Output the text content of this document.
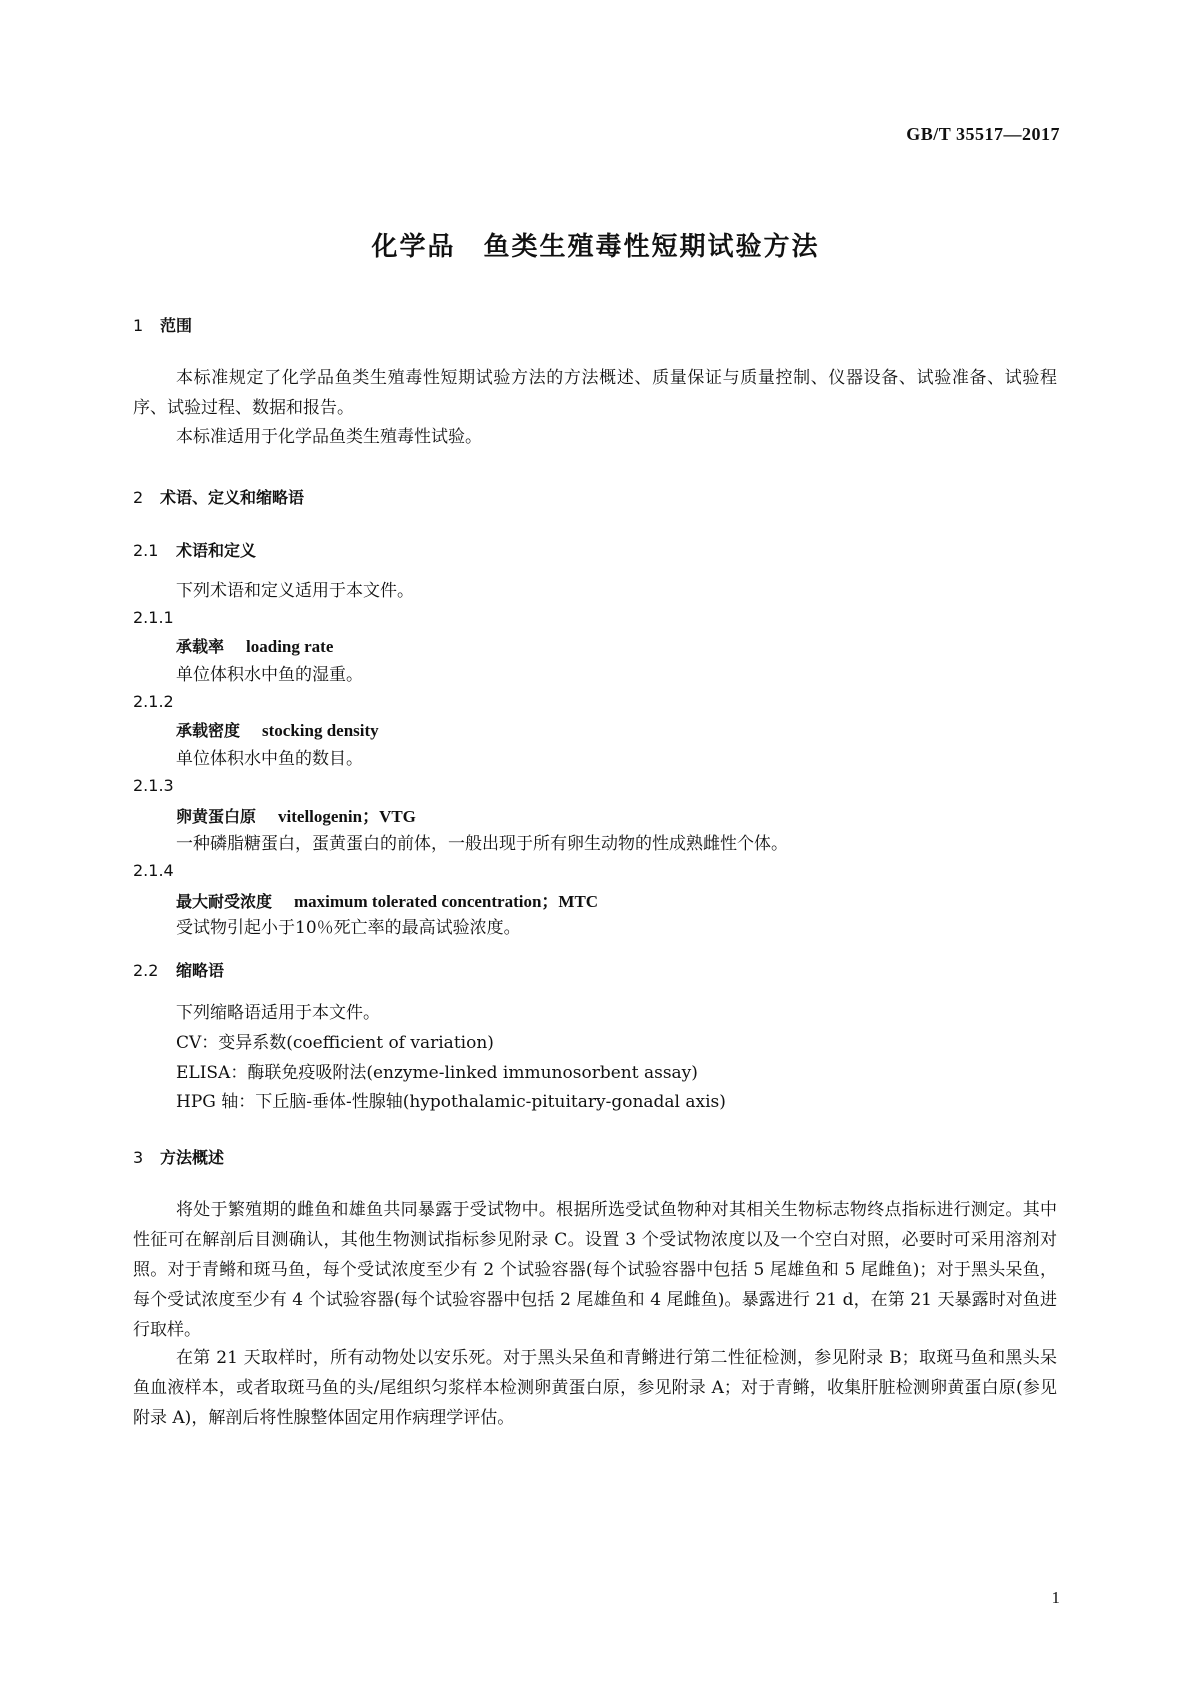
GB/T 35517—2017
化学品　鱼类生殖毒性短期试验方法
1 范围
本标准规定了化学品鱼类生殖毒性短期试验方法的方法概述、质量保证与质量控制、仪器设备、试验准备、试验程序、试验过程、数据和报告。
本标准适用于化学品鱼类生殖毒性试验。
2 术语、定义和缩略语
2.1 术语和定义
下列术语和定义适用于本文件。
2.1.1
承载率 loading rate
单位体积水中鱼的湿重。
2.1.2
承载密度 stocking density
单位体积水中鱼的数目。
2.1.3
卵黄蛋白原 vitellogenin；VTG
一种磷脂糖蛋白，蛋黄蛋白的前体，一般出现于所有卵生动物的性成熟雌性个体。
2.1.4
最大耐受浓度 maximum tolerated concentration；MTC
受试物引起小于10％死亡率的最高试验浓度。
2.2 缩略语
下列缩略语适用于本文件。
CV：变异系数(coefficient of variation)
ELISA：酶联免疫吸附法(enzyme-linked immunosorbent assay)
HPG 轴：下丘脑-垂体-性腺轴(hypothalamic-pituitary-gonadal axis)
3 方法概述
将处于繁殖期的雌鱼和雄鱼共同暴露于受试物中。根据所选受试鱼物种对其相关生物标志物终点指标进行测定。其中性征可在解剖后目测确认，其他生物测试指标参见附录 C。设置 3 个受试物浓度以及一个空白对照，必要时可采用溶剂对照。对于青鳉和斑马鱼，每个受试浓度至少有 2 个试验容器(每个试验容器中包括 5 尾雄鱼和 5 尾雌鱼)；对于黑头呆鱼，每个受试浓度至少有 4 个试验容器(每个试验容器中包括 2 尾雄鱼和 4 尾雌鱼)。暴露进行 21 d，在第 21 天暴露时对鱼进行取样。
在第 21 天取样时，所有动物处以安乐死。对于黑头呆鱼和青鳉进行第二性征检测，参见附录 B；取斑马鱼和黑头呆鱼血液样本，或者取斑马鱼的头/尾组织匀浆样本检测卵黄蛋白原，参见附录 A；对于青鳉，收集肝脏检测卵黄蛋白原(参见附录 A)，解剖后将性腺整体固定用作病理学评估。
1
